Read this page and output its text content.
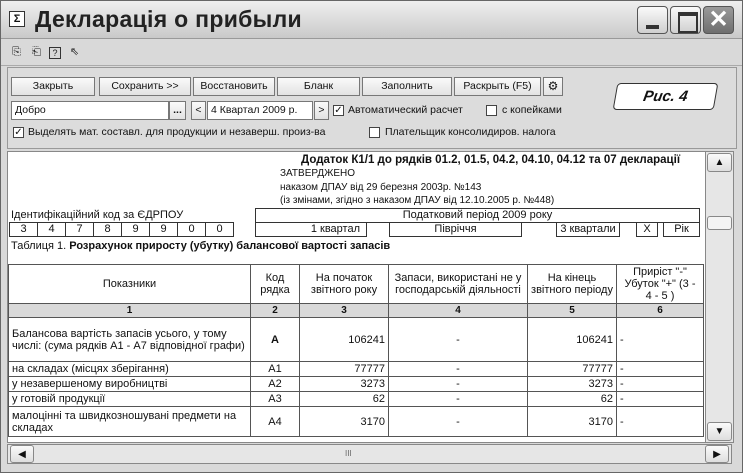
Σ Декларація о прибыли	✕
⎘ ⎗	?	⇖
Закрыть	Сохранить >>	Восстановить	Бланк	Заполнить	Раскрыть (F5)	⚙
Добро	...	< 4 Квартал 2009 р.	> ✓ Автоматический расчет	с копейками
✓ Выделять мат. составл. для продукции и незаверш. произ-ва	Плательщик консолидиров. налога
Рис. 4
Додаток К1/1 до рядків 01.2, 01.5, 04.2, 04.10, 04.12 та 07 декларації
ЗАТВЕРДЖЕНО
наказом ДПАУ від 29 березня 2003р. №143
(із змінами, згідно з наказом ДПАУ від 12.10.2005 р. №448)
Ідентифікаційний код за ЄДРПОУ
3	4	7	8	9	9	0	0
Податковий період 2009 року
1 квартал	Півріччя	3 квартали	X	Рік
Таблиця 1. Розрахунок приросту (убутку) балансової вартості запасів
Показники	Код рядка	На початок звітного року	Запаси, використані не у господарській діяльності	На кінець звітного періоду	Приріст "-" Убуток "+" (3 - 4 - 5 )
1	2	3	4	5	6
Балансова вартість запасів усього, у тому числі: (сума рядків А1 - А7 відповідної графи)	А	106241	-	106241	-
на складах (місцях зберігання)	А1	77777	-	77777	-
у незавершеному виробництві	А2	3273	-	3273	-
у готовій продукції	А3	62	-	62	-
малоцінні та швидкозношувані предмети на складах	А4	3170	-	3170	-
▲
▼
◀	III	▶
